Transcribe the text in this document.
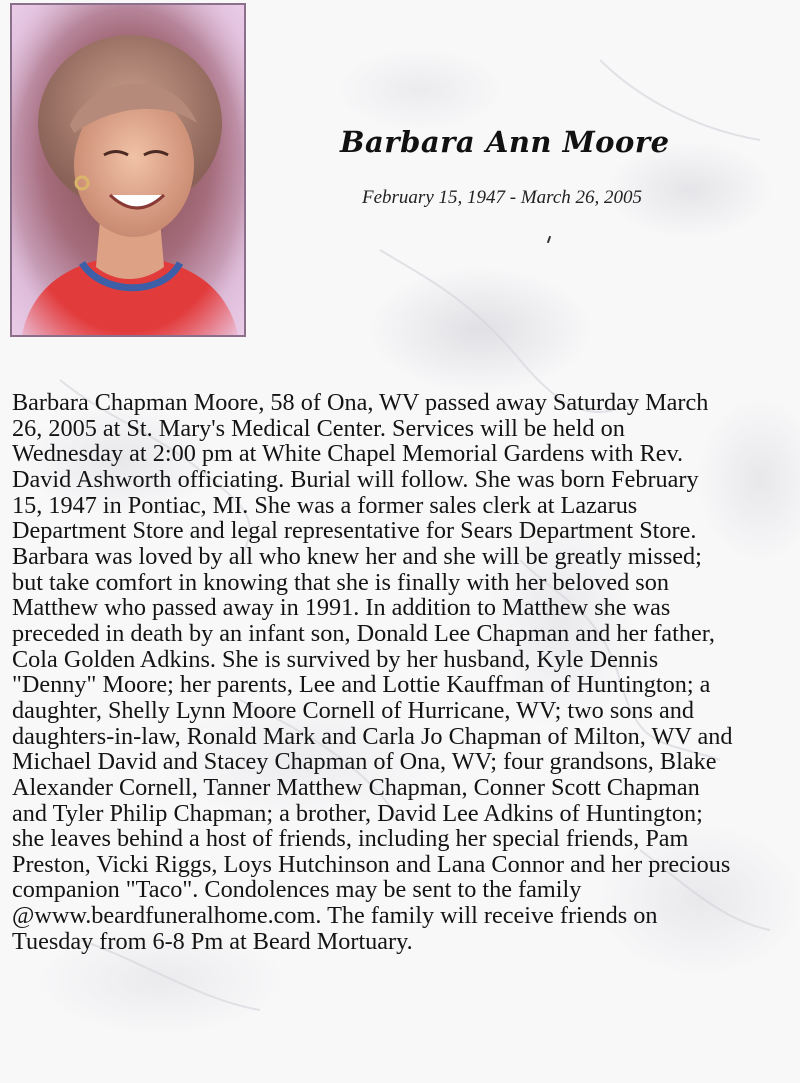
Barbara Ann Moore
February 15, 1947 - March 26, 2005

Barbara Chapman Moore, 58 of Ona, WV passed away Saturday March
26, 2005 at St. Mary's Medical Center. Services will be held on
Wednesday at 2:00 pm at White Chapel Memorial Gardens with Rev.
David Ashworth officiating. Burial will follow. She was born February
15, 1947 in Pontiac, MI. She was a former sales clerk at Lazarus
Department Store and legal representative for Sears Department Store.
Barbara was loved by all who knew her and she will be greatly missed;
but take comfort in knowing that she is finally with her beloved son
Matthew who passed away in 1991. In addition to Matthew she was
preceded in death by an infant son, Donald Lee Chapman and her father,
Cola Golden Adkins. She is survived by her husband, Kyle Dennis
"Denny" Moore; her parents, Lee and Lottie Kauffman of Huntington; a
daughter, Shelly Lynn Moore Cornell of Hurricane, WV; two sons and
daughters-in-law, Ronald Mark and Carla Jo Chapman of Milton, WV and
Michael David and Stacey Chapman of Ona, WV; four grandsons, Blake
Alexander Cornell, Tanner Matthew Chapman, Conner Scott Chapman
and Tyler Philip Chapman; a brother, David Lee Adkins of Huntington;
she leaves behind a host of friends, including her special friends, Pam
Preston, Vicki Riggs, Loys Hutchinson and Lana Connor and her precious
companion "Taco". Condolences may be sent to the family
@www.beardfuneralhome.com. The family will receive friends on
Tuesday from 6-8 Pm at Beard Mortuary.
